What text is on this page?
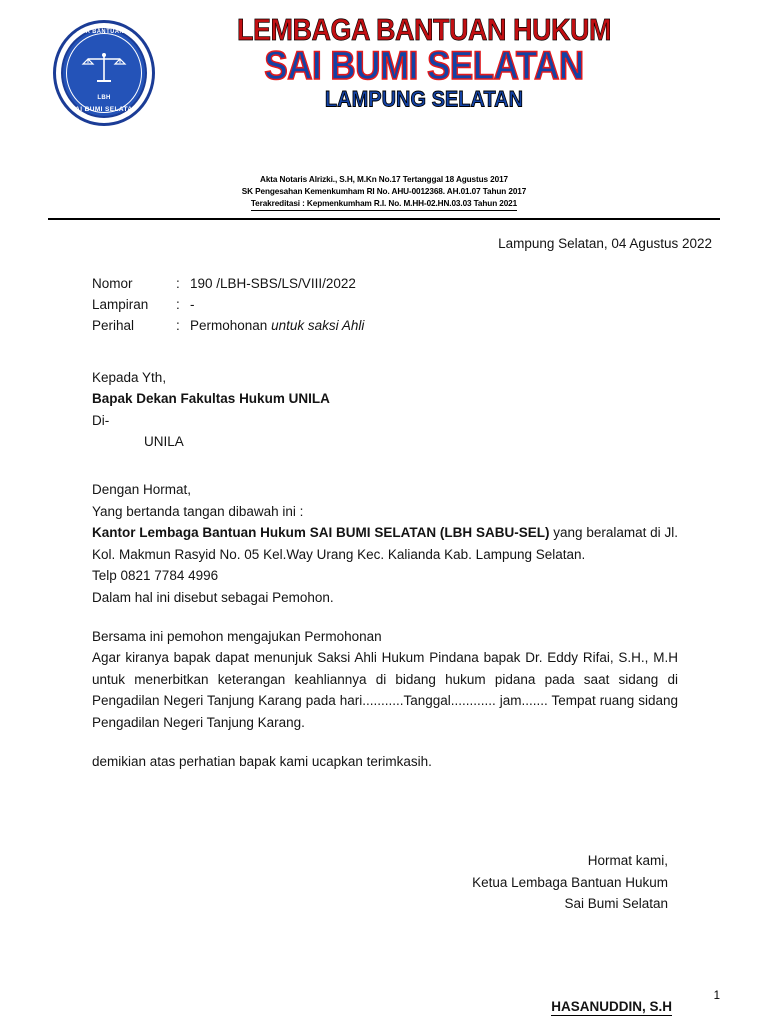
LEMBAGA BANTUAN HUKUM
LBH
SAI BUMI SELATAN
LEMBAGA BANTUAN HUKUM
SAI BUMI SELATAN
LAMPUNG SELATAN
Akta Notaris Alrizki., S.H, M.Kn No.17 Tertanggal 18 Agustus 2017
SK Pengesahan Kemenkumham RI No. AHU-0012368. AH.01.07 Tahun 2017
Terakreditasi : Kepmenkumham R.I. No. M.HH-02.HN.03.03 Tahun 2021
Lampung Selatan, 04 Agustus 2022
Nomor	: 190 /LBH-SBS/LS/VIII/2022
Lampiran	: -
Perihal	: Permohonan untuk saksi Ahli
Kepada Yth,
Bapak Dekan Fakultas Hukum UNILA
Di-
UNILA

Dengan Hormat,

Yang bertanda tangan dibawah ini :

Kantor Lembaga Bantuan Hukum SAI BUMI SELATAN (LBH SABU-SEL) yang beralamat di Jl. Kol. Makmun Rasyid No. 05 Kel.Way Urang Kec. Kalianda Kab. Lampung Selatan.

Telp 0821 7784 4996

Dalam hal ini disebut sebagai Pemohon.

Bersama ini pemohon mengajukan Permohonan

Agar kiranya bapak dapat menunjuk Saksi Ahli Hukum Pindana bapak Dr. Eddy Rifai, S.H., M.H untuk menerbitkan keterangan keahliannya di bidang hukum pidana pada saat sidang di Pengadilan Negeri Tanjung Karang pada hari...........Tanggal............ jam....... Tempat ruang sidang Pengadilan Negeri Tanjung Karang.

demikian atas perhatian bapak kami ucapkan terimkasih.

Hormat kami,
Ketua Lembaga Bantuan Hukum
Sai Bumi Selatan
HASANUDDIN, S.H
1
